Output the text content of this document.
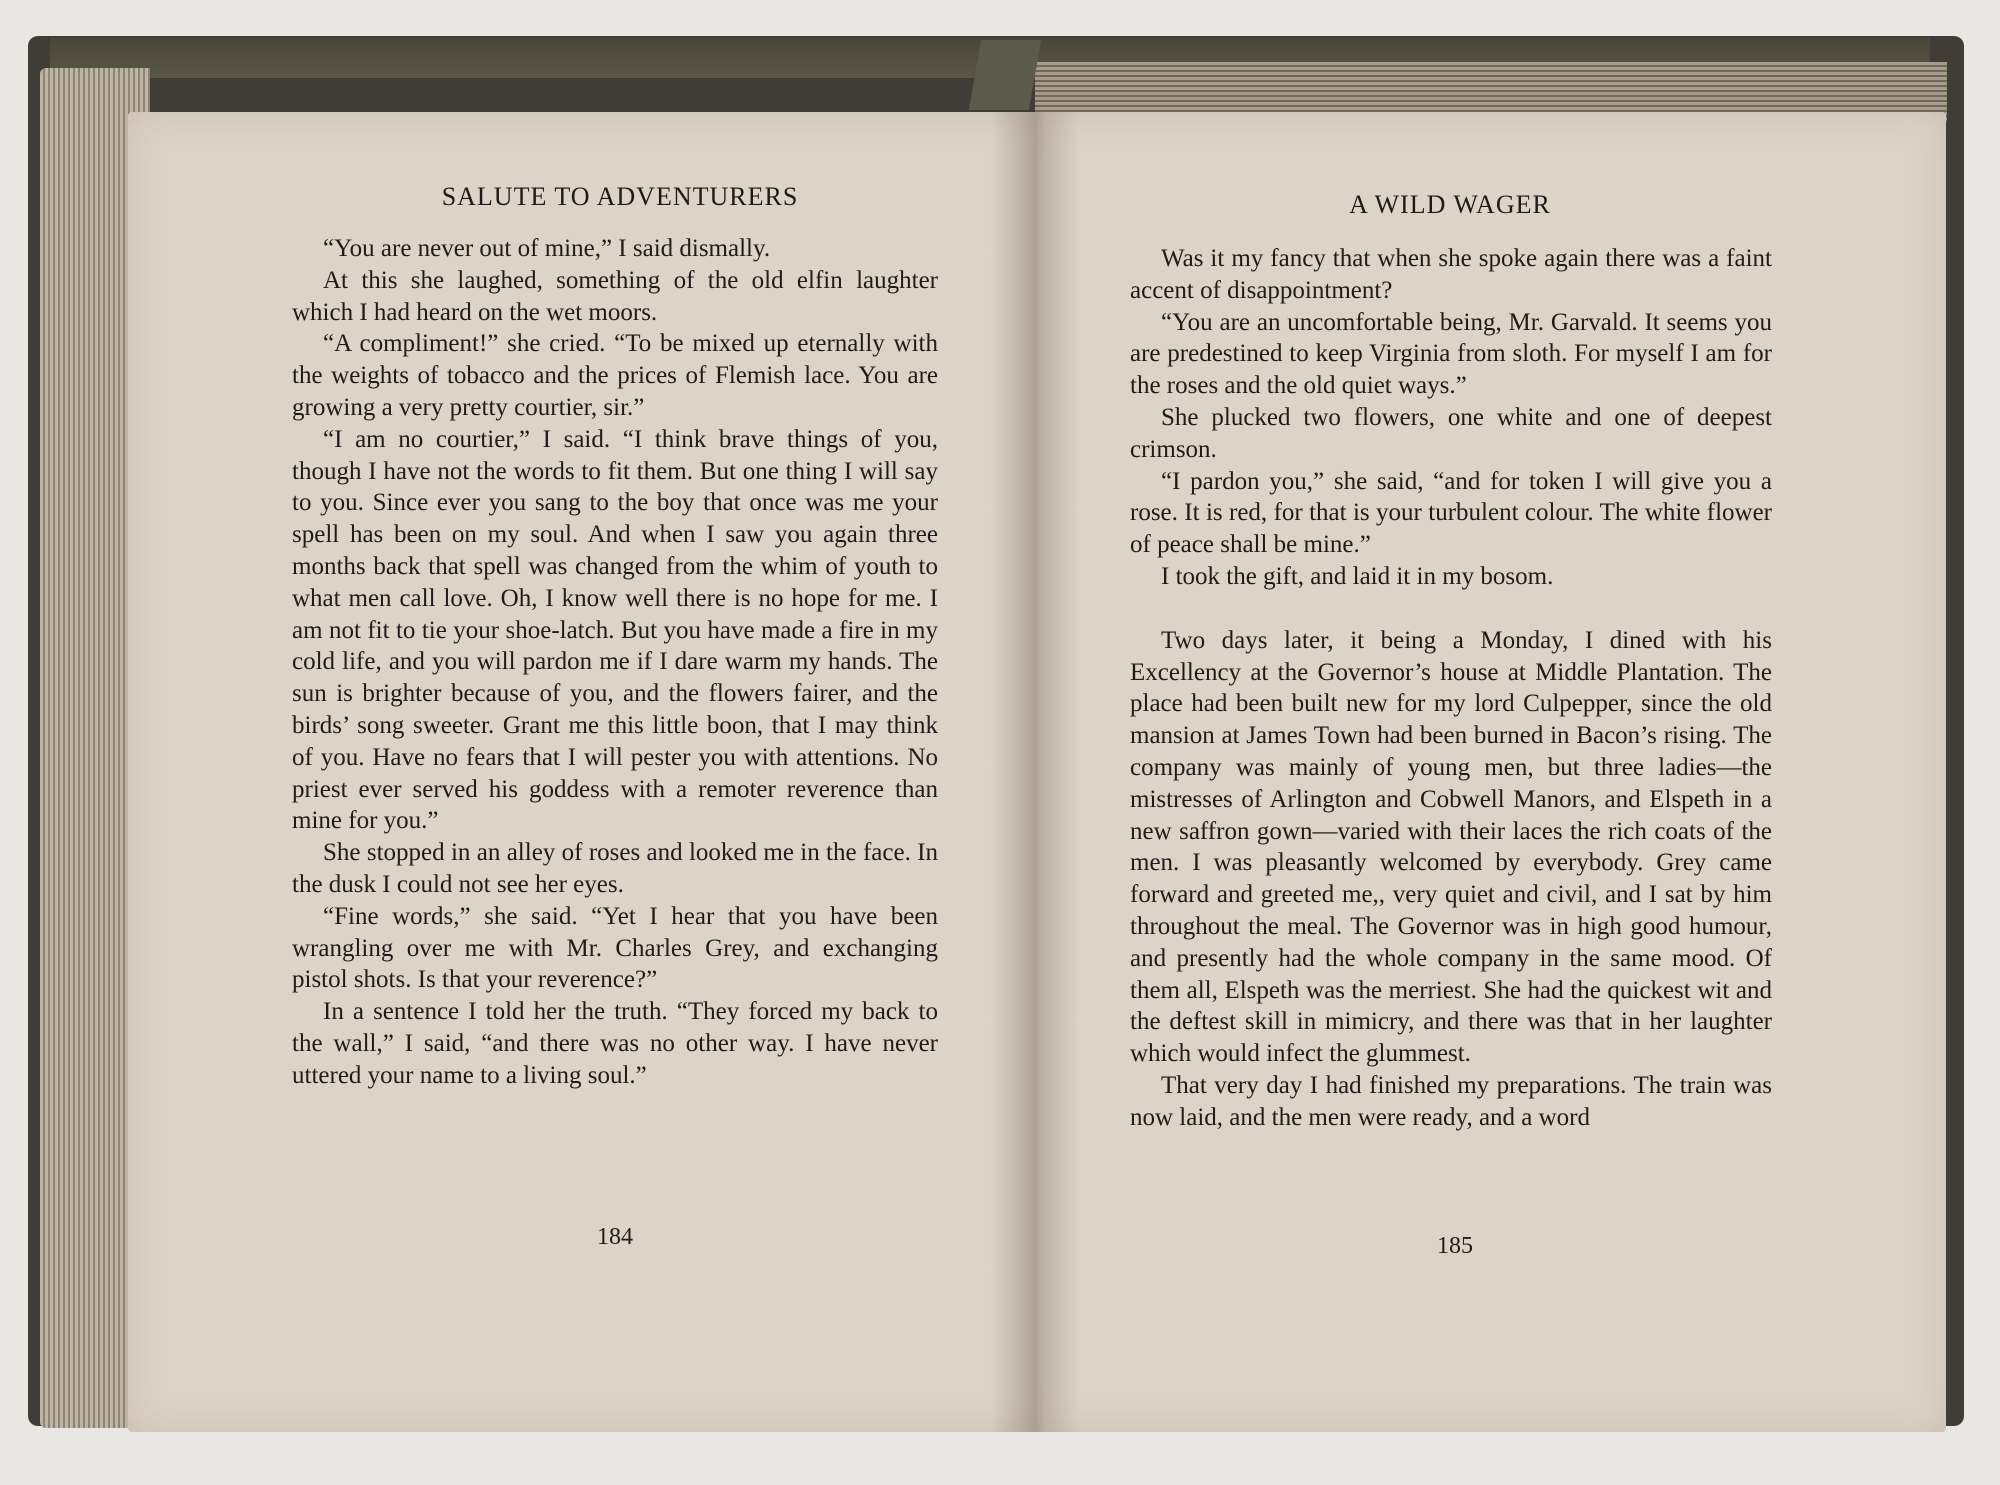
SALUTE TO ADVENTURERS

“You are never out of mine,” I said dismally.

At this she laughed, something of the old elfin laughter which I had heard on the wet moors.

“A compliment!” she cried. “To be mixed up eternally with the weights of tobacco and the prices of Flemish lace. You are growing a very pretty courtier, sir.”

“I am no courtier,” I said. “I think brave things of you, though I have not the words to fit them. But one thing I will say to you. Since ever you sang to the boy that once was me your spell has been on my soul. And when I saw you again three months back that spell was changed from the whim of youth to what men call love. Oh, I know well there is no hope for me. I am not fit to tie your shoe-latch. But you have made a fire in my cold life, and you will pardon me if I dare warm my hands. The sun is brighter because of you, and the flowers fairer, and the birds’ song sweeter. Grant me this little boon, that I may think of you. Have no fears that I will pester you with attentions. No priest ever served his goddess with a remoter reverence than mine for you.”

She stopped in an alley of roses and looked me in the face. In the dusk I could not see her eyes.

“Fine words,” she said. “Yet I hear that you have been wrangling over me with Mr. Charles Grey, and exchanging pistol shots. Is that your reverence?”

In a sentence I told her the truth. “They forced my back to the wall,” I said, “and there was no other way. I have never uttered your name to a living soul.”

184
A WILD WAGER

Was it my fancy that when she spoke again there was a faint accent of disappointment?

“You are an uncomfortable being, Mr. Garvald. It seems you are predestined to keep Virginia from sloth. For myself I am for the roses and the old quiet ways.”

She plucked two flowers, one white and one of deepest crimson.

“I pardon you,” she said, “and for token I will give you a rose. It is red, for that is your turbulent colour. The white flower of peace shall be mine.”

I took the gift, and laid it in my bosom.

Two days later, it being a Monday, I dined with his Excellency at the Governor’s house at Middle Plantation. The place had been built new for my lord Culpepper, since the old mansion at James Town had been burned in Bacon’s rising. The company was mainly of young men, but three ladies—the mistresses of Arlington and Cobwell Manors, and Elspeth in a new saffron gown—varied with their laces the rich coats of the men. I was pleasantly welcomed by everybody. Grey came forward and greeted me,, very quiet and civil, and I sat by him throughout the meal. The Governor was in high good humour, and presently had the whole company in the same mood. Of them all, Elspeth was the merriest. She had the quickest wit and the deftest skill in mimicry, and there was that in her laughter which would infect the glummest.

That very day I had finished my preparations. The train was now laid, and the men were ready, and a word

185
